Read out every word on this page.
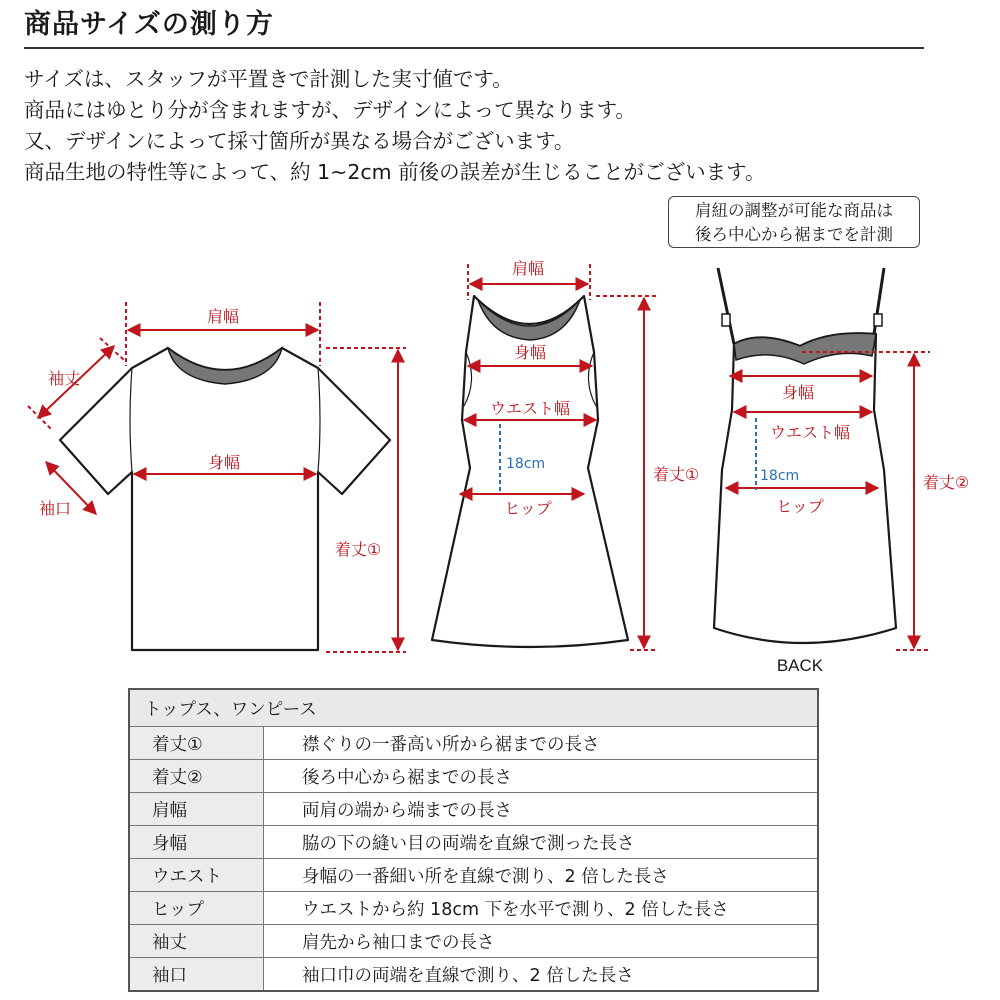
商品サイズの測り方
サイズは、スタッフが平置きで計測した実寸値です。
商品にはゆとり分が含まれますが、デザインによって異なります。
又、デザインによって採寸箇所が異なる場合がございます。
商品生地の特性等によって、約 1~2cm 前後の誤差が生じることがございます。
肩紐の調整が可能な商品は
後ろ中心から裾までを計測
肩幅
袖丈
袖口
身幅
着丈①
肩幅
身幅
ウエスト幅
18cm
ヒップ
着丈①
身幅
ウエスト幅
18cm
ヒップ
着丈②
BACK
トップス、ワンピース	
着丈①	襟ぐりの一番高い所から裾までの長さ
着丈②	後ろ中心から裾までの長さ
肩幅	両肩の端から端までの長さ
身幅	脇の下の縫い目の両端を直線で測った長さ
ウエスト	身幅の一番細い所を直線で測り、2 倍した長さ
ヒップ	ウエストから約 18cm 下を水平で測り、2 倍した長さ
袖丈	肩先から袖口までの長さ
袖口	袖口巾の両端を直線で測り、2 倍した長さ
